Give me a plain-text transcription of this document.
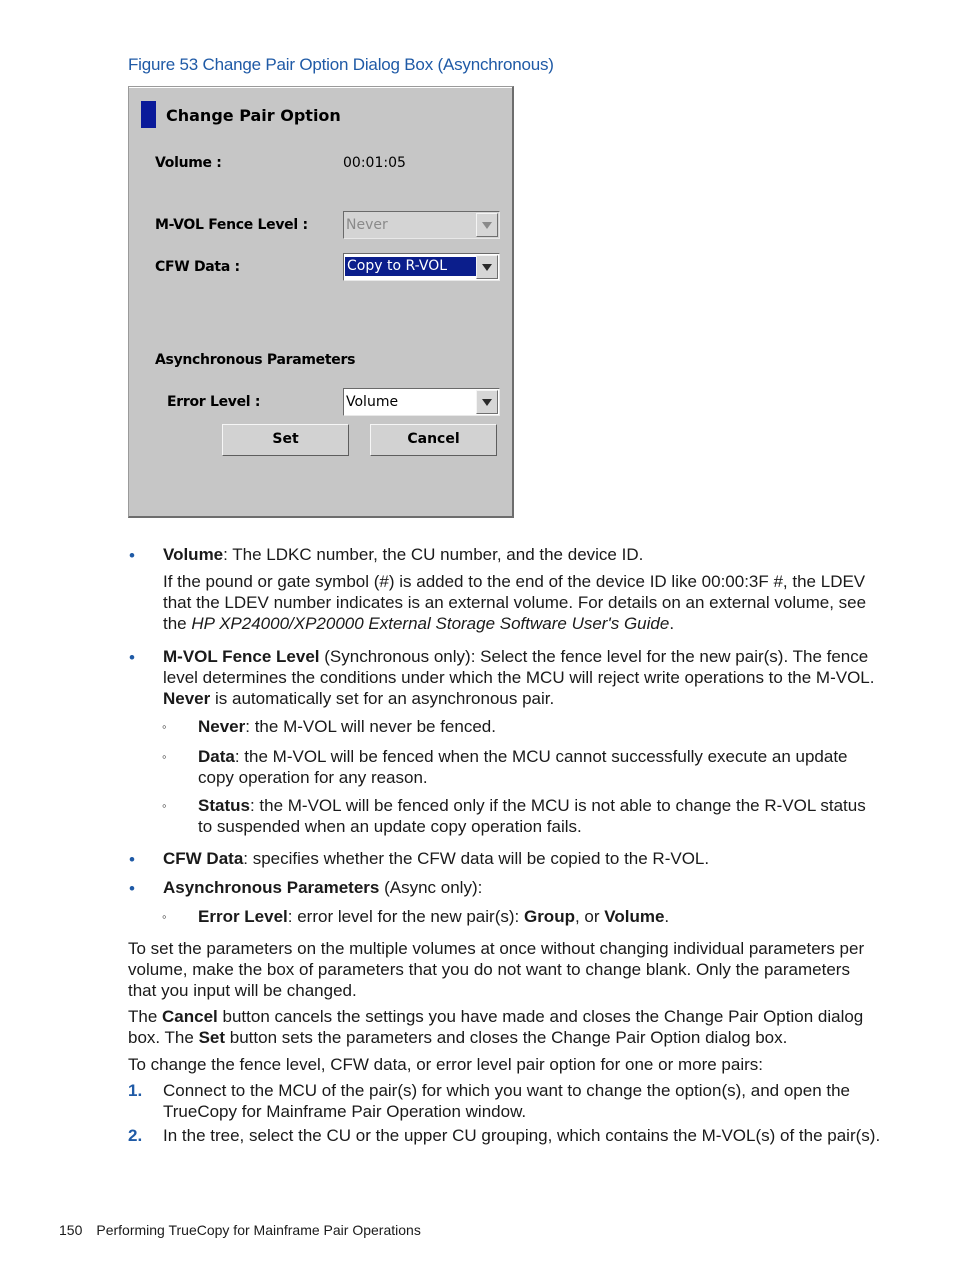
Figure 53 Change Pair Option Dialog Box (Asynchronous)
Change Pair Option
Volume :	00:01:05
M-VOL Fence Level :	Never
CFW Data :	Copy to R-VOL
Asynchronous Parameters
Error Level :	Volume
Set	Cancel
• Volume: The LDKC number, the CU number, and the device ID.

If the pound or gate symbol (#) is added to the end of the device ID like 00:00:3F #, the LDEV that the LDEV number indicates is an external volume. For details on an external volume, see the HP XP24000/XP20000 External Storage Software User's Guide.

• M-VOL Fence Level (Synchronous only): Select the fence level for the new pair(s). The fence level determines the conditions under which the MCU will reject write operations to the M-VOL. Never is automatically set for an asynchronous pair.

◦ Never: the M-VOL will never be fenced.

◦ Data: the M-VOL will be fenced when the MCU cannot successfully execute an update copy operation for any reason.

◦ Status: the M-VOL will be fenced only if the MCU is not able to change the R-VOL status to suspended when an update copy operation fails.

• CFW Data: specifies whether the CFW data will be copied to the R-VOL.

• Asynchronous Parameters (Async only):

◦ Error Level: error level for the new pair(s): Group, or Volume.

To set the parameters on the multiple volumes at once without changing individual parameters per volume, make the box of parameters that you do not want to change blank. Only the parameters that you input will be changed.

The Cancel button cancels the settings you have made and closes the Change Pair Option dialog box. The Set button sets the parameters and closes the Change Pair Option dialog box.

To change the fence level, CFW data, or error level pair option for one or more pairs:

1. Connect to the MCU of the pair(s) for which you want to change the option(s), and open the TrueCopy for Mainframe Pair Operation window.

2. In the tree, select the CU or the upper CU grouping, which contains the M-VOL(s) of the pair(s).

150 Performing TrueCopy for Mainframe Pair Operations
